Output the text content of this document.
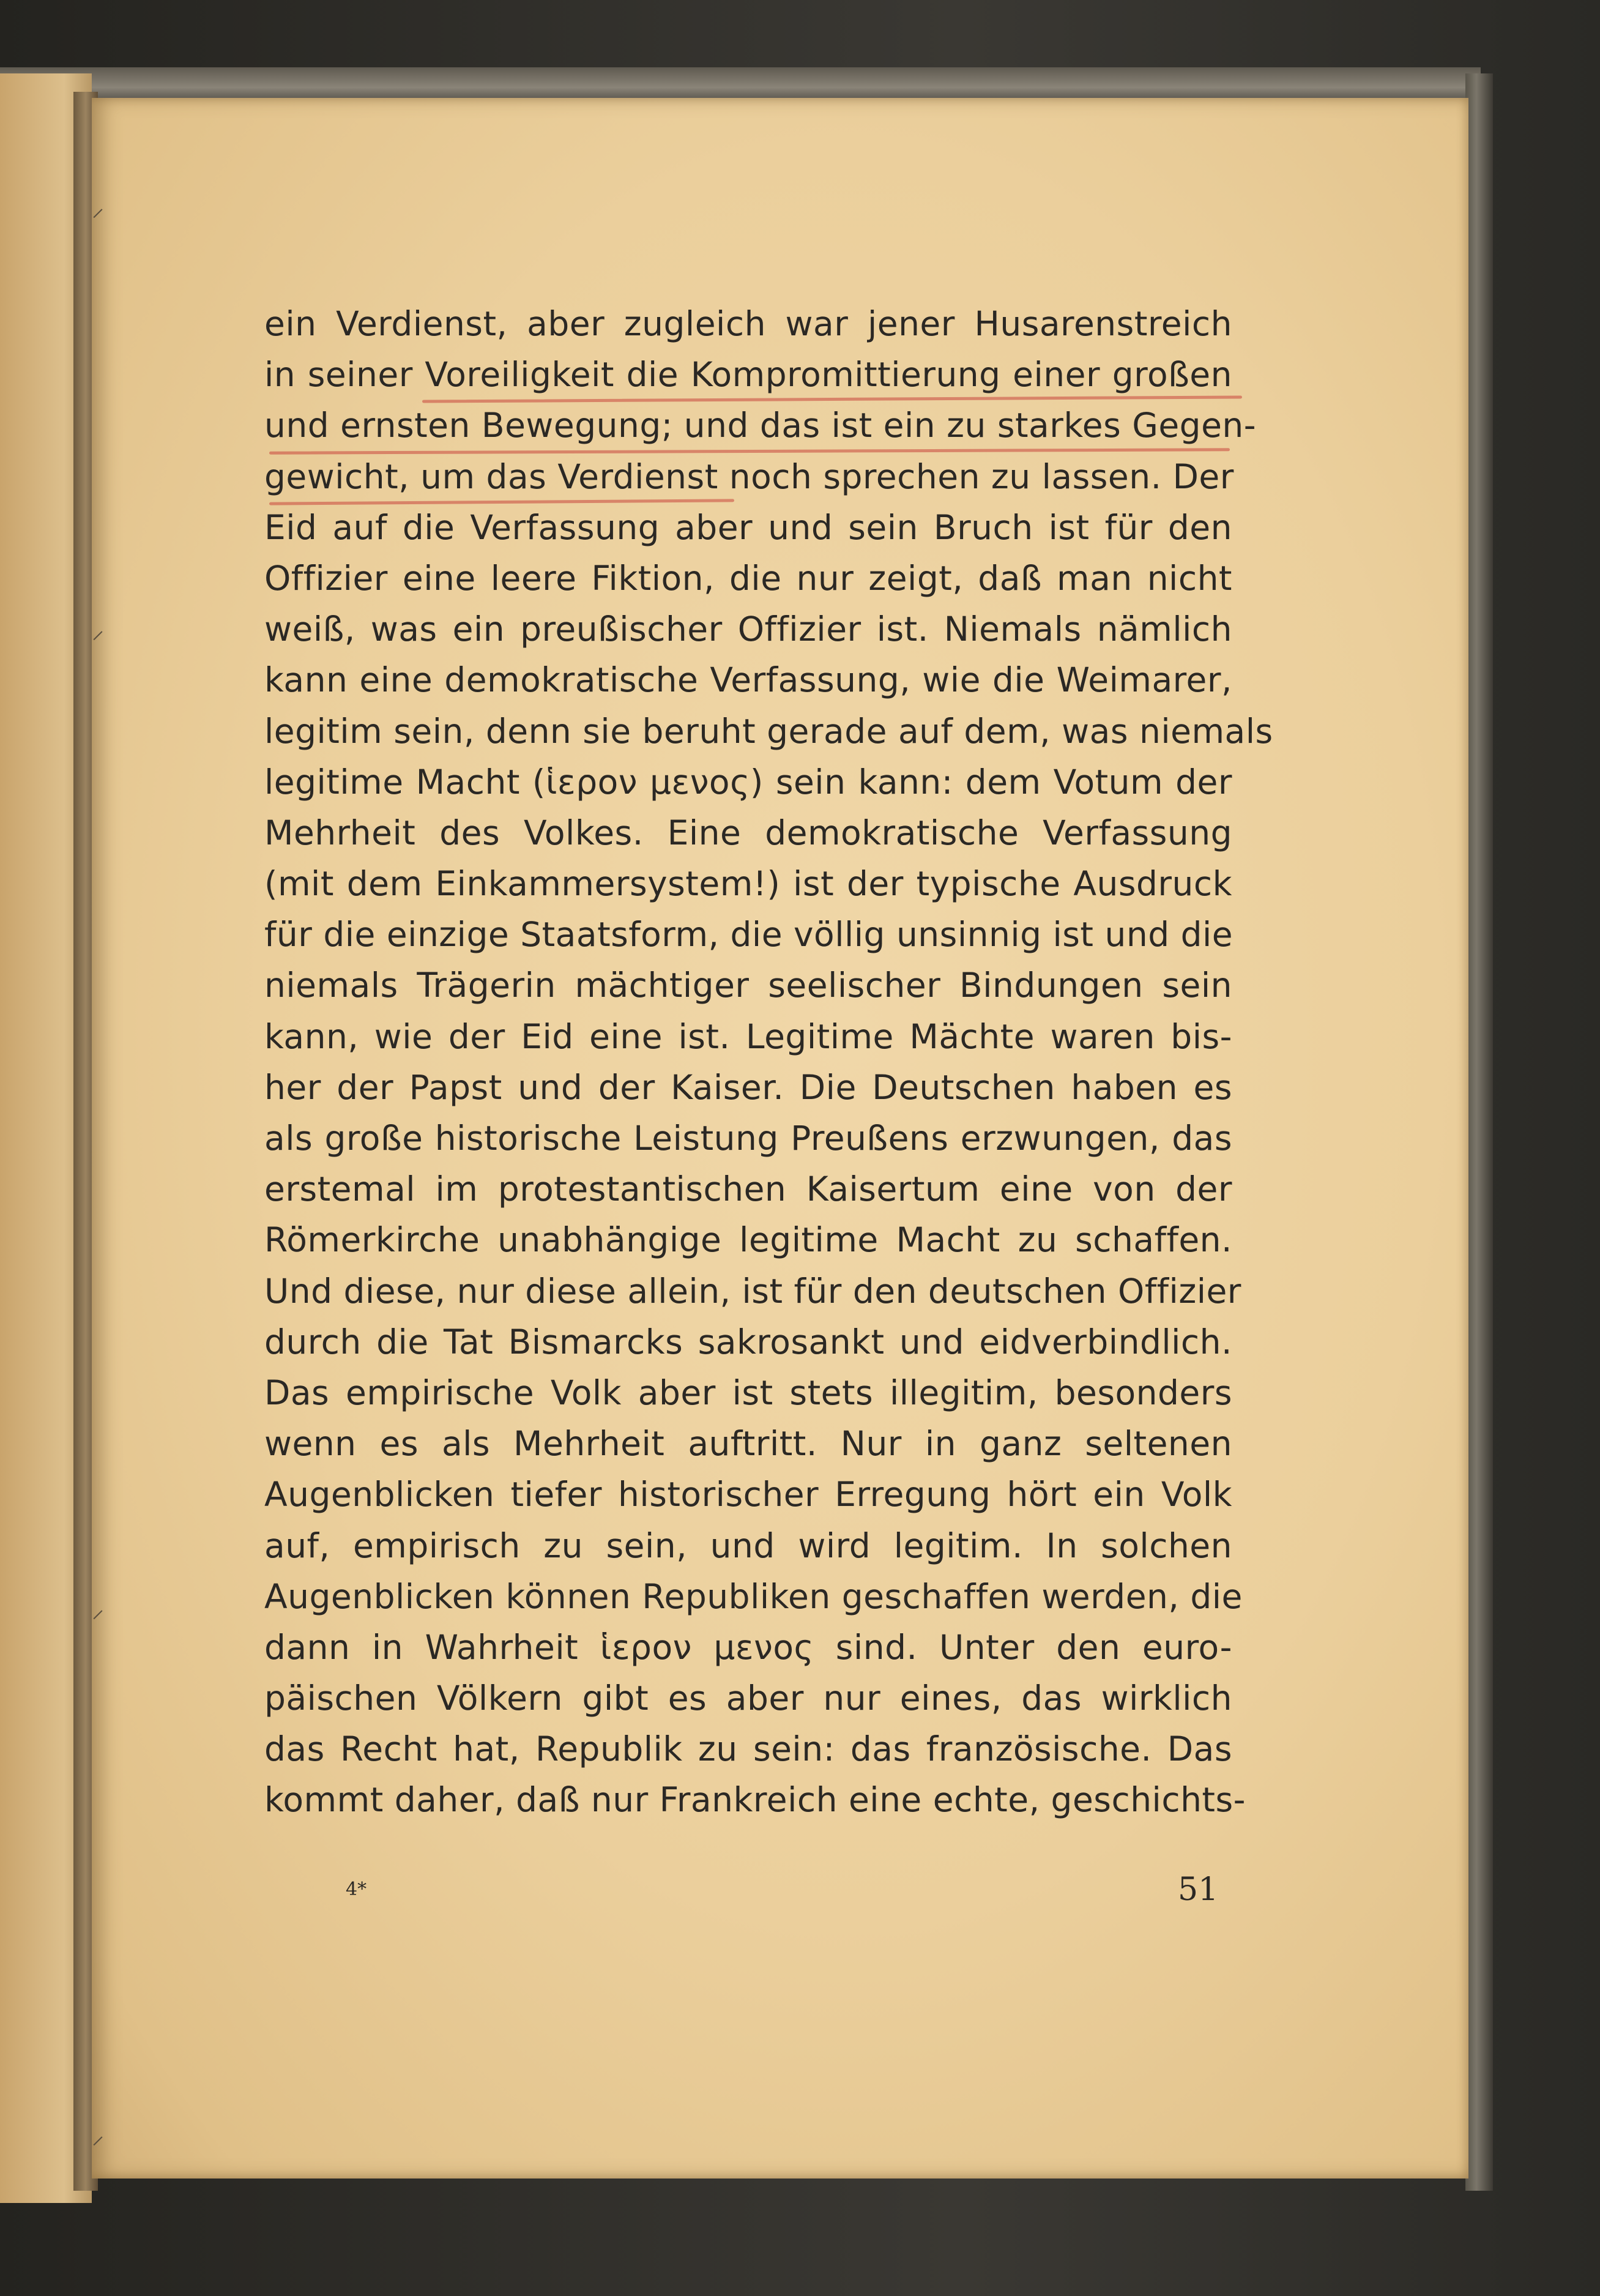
ein Verdienst, aber zugleich war jener Husarenstreich
in seiner Voreiligkeit die Kompromittierung einer großen
und ernsten Bewegung; und das ist ein zu starkes Gegen-
gewicht, um das Verdienst noch sprechen zu lassen. Der
Eid auf die Verfassung aber und sein Bruch ist für den
Offizier eine leere Fiktion, die nur zeigt, daß man nicht
weiß, was ein preußischer Offizier ist. Niemals nämlich
kann eine demokratische Verfassung, wie die Weimarer,
legitim sein, denn sie beruht gerade auf dem, was niemals
legitime Macht (ἱερον μενος) sein kann: dem Votum der
Mehrheit des Volkes. Eine demokratische Verfassung
(mit dem Einkammersystem!) ist der typische Ausdruck
für die einzige Staatsform, die völlig unsinnig ist und die
niemals Trägerin mächtiger seelischer Bindungen sein
kann, wie der Eid eine ist. Legitime Mächte waren bis-
her der Papst und der Kaiser. Die Deutschen haben es
als große historische Leistung Preußens erzwungen, das
erstemal im protestantischen Kaisertum eine von der
Römerkirche unabhängige legitime Macht zu schaffen.
Und diese, nur diese allein, ist für den deutschen Offizier
durch die Tat Bismarcks sakrosankt und eidverbindlich.
Das empirische Volk aber ist stets illegitim, besonders
wenn es als Mehrheit auftritt. Nur in ganz seltenen
Augenblicken tiefer historischer Erregung hört ein Volk
auf, empirisch zu sein, und wird legitim. In solchen
Augenblicken können Republiken geschaffen werden, die
dann in Wahrheit ἱερον μενος sind. Unter den euro-
päischen Völkern gibt es aber nur eines, das wirklich
das Recht hat, Republik zu sein: das französische. Das
kommt daher, daß nur Frankreich eine echte, geschichts-
4*	51
⸝
⸝
⸝
⸝
